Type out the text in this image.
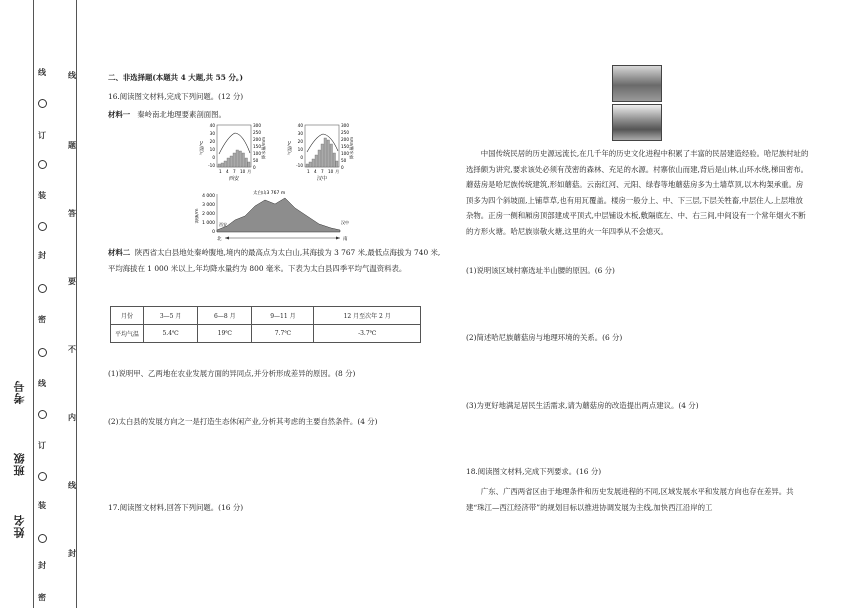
线
订
装
封
密
线
订
装
封
密
线
题
答
要
不
内
线
封
考号
班级
姓名
二、非选择题(本题共 4 大题,共 55 分。)
16.阅读图文材料,完成下列问题。(12 分)
材料一 秦岭南北地理要素剖面图。
40
30
20
10
0
-10
300
250
200
150
100
50
0
气温/℃	降水量/mm
1 4 7 10 月
西安
40
30
20
10
0
-10
300
250
200
150
100
50
0
气温/℃	降水量/mm
1 4 7 10 月
汉中
4 000
3 000
2 000
1 000
0
海拔/m
太白山3 767 m
西安	汉中
北	南
材料二 陕西省太白县地处秦岭腹地,境内的最高点为太白山,其海拔为 3 767 米,最低点海拔为 740 米,平均海拔在 1 000 米以上,年均降水量约为 800 毫米。下表为太白县四季平均气温资料表。
月份	3—5 月	6—8 月	9—11 月	12 月至次年 2 月
平均气温	5.4℃	19℃	7.7℃	-3.7℃
(1)说明甲、乙两地在农业发展方面的异同点,并分析形成差异的原因。(8 分)
(2)太白县的发展方向之一是打造生态休闲产业,分析其考虑的主要自然条件。(4 分)
17.阅读图文材料,回答下列问题。(16 分)
中国传统民居的历史源远流长,在几千年的历史文化进程中积累了丰富的民居建造经验。哈尼族村址的选择颇为讲究,要求该处必须有茂密的森林、充足的水源。村寨依山而建,背后是山林,山环水绕,梯田密布。蘑菇房是哈尼族传统建筑,形如蘑菇。云南红河、元阳、绿春等地蘑菇房多为土墙草顶,以木构架承重。房顶多为四个斜坡面,上铺草草,也有用瓦覆盖。楼房一般分上、中、下三层,下层关牲畜,中层住人,上层堆放杂物。正房一侧和厢房顶部建成平顶式,中层铺设木板,敷隔底左、中、右三间,中间设有一个常年烟火不断的方形火塘。哈尼族崇敬火塘,这里的火一年四季从不会熄灭。
(1)说明该区域村寨选址半山腰的原因。(6 分)
(2)简述哈尼族蘑菇房与地理环境的关系。(6 分)
(3)为更好地满足居民生活需求,请为蘑菇房的改造提出两点建议。(4 分)
18.阅读图文材料,完成下列要求。(16 分)
广东、广西两省区由于地理条件和历史发展进程的不同,区域发展水平和发展方向也存在差异。共建“珠江—西江经济带”的规划目标以推进协调发展为主线,加快西江沿岸的工
